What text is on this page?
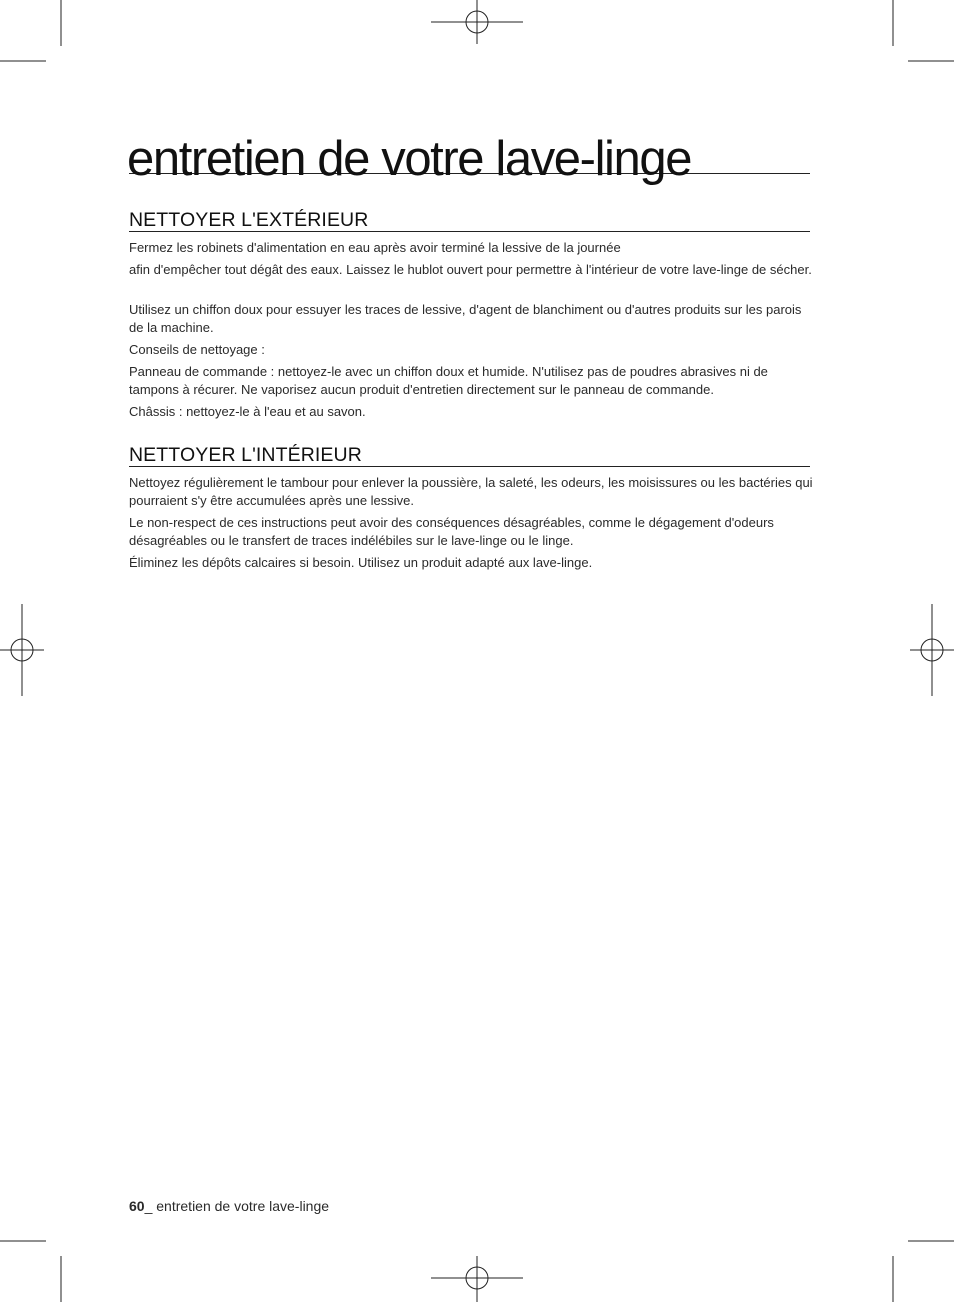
entretien de votre lave-linge
NETTOYER L'EXTÉRIEUR

Fermez les robinets d'alimentation en eau après avoir terminé la lessive de la journée

afin d'empêcher tout dégât des eaux. Laissez le hublot ouvert pour permettre à l'intérieur de votre lave-linge de sécher.

Utilisez un chiffon doux pour essuyer les traces de lessive, d'agent de blanchiment ou d'autres produits sur les parois de la machine.

Conseils de nettoyage :

Panneau de commande : nettoyez-le avec un chiffon doux et humide. N'utilisez pas de poudres abrasives ni de tampons à récurer. Ne vaporisez aucun produit d'entretien directement sur le panneau de commande.

Châssis : nettoyez-le à l'eau et au savon.

NETTOYER L'INTÉRIEUR

Nettoyez régulièrement le tambour pour enlever la poussière, la saleté, les odeurs, les moisissures ou les bactéries qui pourraient s'y être accumulées après une lessive.

Le non-respect de ces instructions peut avoir des conséquences désagréables, comme le dégagement d'odeurs désagréables ou le transfert de traces indélébiles sur le lave-linge ou le linge.

Éliminez les dépôts calcaires si besoin. Utilisez un produit adapté aux lave-linge.

60_ entretien de votre lave-linge
